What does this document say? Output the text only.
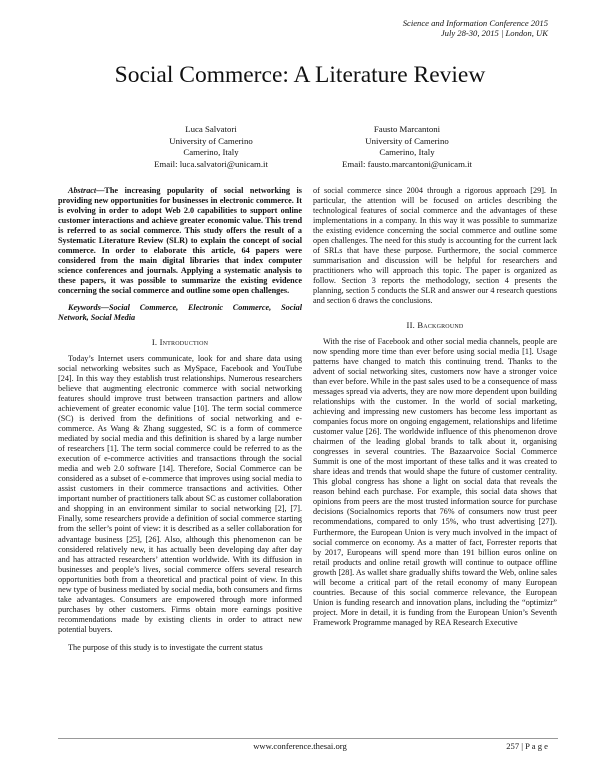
Science and Information Conference 2015
July 28-30, 2015 | London, UK
Social Commerce: A Literature Review
Luca Salvatori
University of Camerino
Camerino, Italy
Email: luca.salvatori@unicam.it
Fausto Marcantoni
University of Camerino
Camerino, Italy
Email: fausto.marcantoni@unicam.it

Abstract—The increasing popularity of social networking is providing new opportunities for businesses in electronic commerce. It is evolving in order to adopt Web 2.0 capabilities to support online customer interactions and achieve greater economic value. This trend is referred to as social commerce. This study offers the result of a Systematic Literature Review (SLR) to explain the concept of social commerce. In order to elaborate this article, 64 papers were considered from the main digital libraries that index computer science conferences and journals. Applying a systematic analysis to these papers, it was possible to summarize the existing evidence concerning the social commerce and outline some open challenges.

Keywords—Social Commerce, Electronic Commerce, Social Network, Social Media

I. Introduction

Today’s Internet users communicate, look for and share data using social networking websites such as MySpace, Facebook and YouTube [24]. In this way they establish trust relationships. Numerous researchers believe that augmenting electronic commerce with social networking features should improve trust between transaction partners and allow achievement of greater economic value [10]. The term social commerce (SC) is derived from the definitions of social networking and e-commerce. As Wang & Zhang suggested, SC is a form of commerce mediated by social media and this definition is shared by a large number of researchers [1]. The term social commerce could be referred to as the execution of e-commerce activities and transactions through the social media and web 2.0 software [14]. Therefore, Social Commerce can be considered as a subset of e-commerce that improves using social media to assist customers in their commerce transactions and activities. Other important number of practitioners talk about SC as customer collaboration and shopping in an environment similar to social networking [2], [7]. Finally, some researchers provide a definition of social commerce starting from the seller’s point of view: it is described as a seller collaboration for advantage business [25], [26]. Also, although this phenomenon can be considered relatively new, it has actually been developing day after day and has attracted researchers’ attention worldwide. With its diffusion in businesses and people’s lives, social commerce offers several research opportunities both from a theoretical and practical point of view. In this new type of business mediated by social media, both consumers and firms take advantages. Consumers are empowered through more informed purchases by other customers. Firms obtain more earnings positive recommendations made by existing clients in order to attract new potential buyers.

The purpose of this study is to investigate the current status

of social commerce since 2004 through a rigorous approach [29]. In particular, the attention will be focused on articles describing the technological features of social commerce and the advantages of these implementations in a company. In this way it was possible to summarize the existing evidence concerning the social commerce and outline some open challenges. The need for this study is accounting for the current lack of SRLs that have these purpose. Furthermore, the social commerce summarisation and discussion will be helpful for researchers and practitioners who will approach this topic. The paper is organized as follow. Section 3 reports the methodology, section 4 presents the planning, section 5 conducts the SLR and answer our 4 research questions and section 6 draws the conclusions.

II. Background

With the rise of Facebook and other social media channels, people are now spending more time than ever before using social media [1]. Usage patterns have changed to match this continuing trend. Thanks to the advent of social networking sites, customers now have a stronger voice than ever before. While in the past sales used to be a consequence of mass messages spread via adverts, they are now more dependent upon building relationships with the customer. In the world of social marketing, achieving and impressing new customers has become less important as companies focus more on ongoing engagement, relationships and lifetime customer value [26]. The worldwide influence of this phenomenon drove chairmen of the leading global brands to talk about it, organising congresses in several countries. The Bazaarvoice Social Commerce Summit is one of the most important of these talks and it was created to share ideas and trends that would shape the future of customer centrality. This global congress has shone a light on social data that reveals the reason behind each purchase. For example, this social data shows that opinions from peers are the most trusted information source for purchase decisions (Socialnomics reports that 76% of consumers now trust peer recommendations, compared to only 15%, who trust advertising [27]). Furthermore, the European Union is very much involved in the impact of social commerce on economy. As a matter of fact, Forrester reports that by 2017, Europeans will spend more than 191 billion euros online on retail products and online retail growth will continue to outpace offline growth [28]. As wallet share gradually shifts toward the Web, online sales will become a critical part of the retail economy of many European countries. Because of this social commerce relevance, the European Union is funding research and innovation plans, including the “optimizr” project. More in detail, it is funding from the European Union’s Seventh Framework Programme managed by REA Research Executive

www.conference.thesai.org	257 | P a g e
